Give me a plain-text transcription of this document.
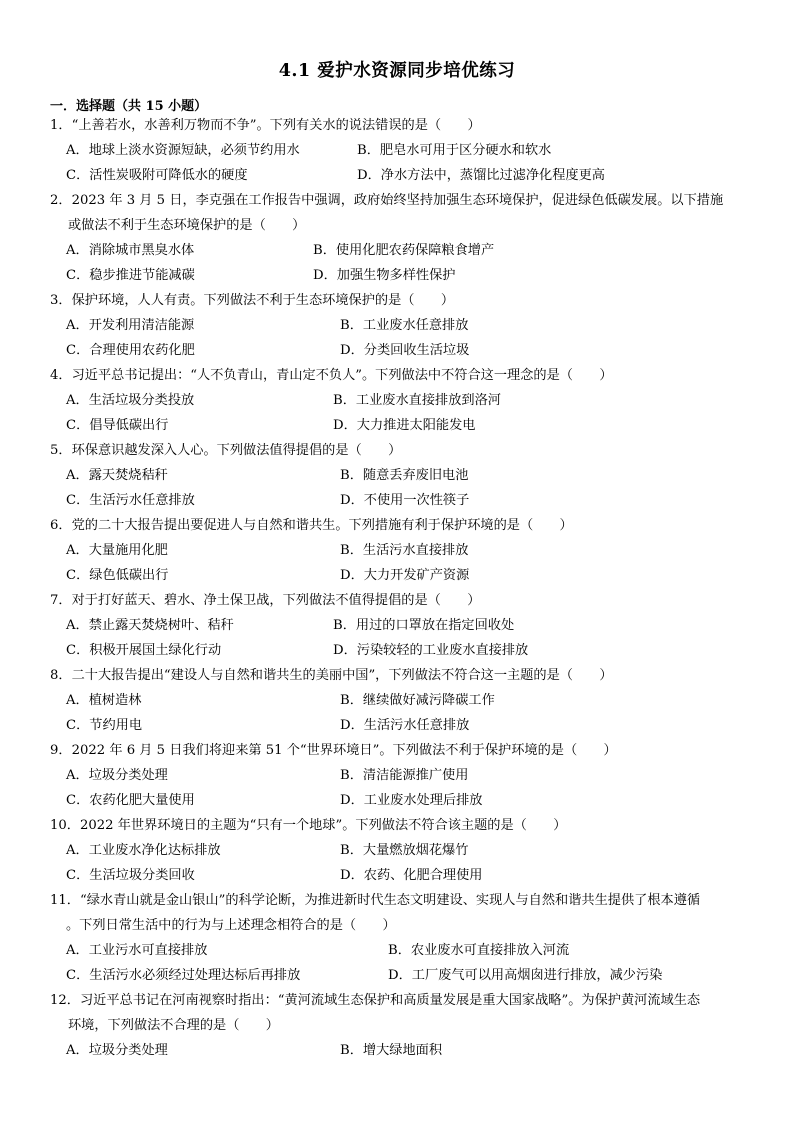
4.1 爱护水资源同步培优练习
一．选择题（共 15 小题）
1．“上善若水，水善利万物而不争”。下列有关水的说法错误的是（　　）
A．地球上淡水资源短缺，必须节约用水	B．肥皂水可用于区分硬水和软水
C．活性炭吸附可降低水的硬度	D．净水方法中，蒸馏比过滤净化程度更高
2．2023 年 3 月 5 日，李克强在工作报告中强调，政府始终坚持加强生态环境保护，促进绿色低碳发展。以下措施
或做法不利于生态环境保护的是（　　）
A．消除城市黑臭水体	B．使用化肥农药保障粮食增产
C．稳步推进节能减碳	D．加强生物多样性保护
3．保护环境，人人有责。下列做法不利于生态环境保护的是（　　）
A．开发利用清洁能源	B．工业废水任意排放
C．合理使用农药化肥	D．分类回收生活垃圾
4．习近平总书记提出：“人不负青山，青山定不负人”。下列做法中不符合这一理念的是（　　）
A．生活垃圾分类投放	B．工业废水直接排放到洛河
C．倡导低碳出行	D．大力推进太阳能发电
5．环保意识越发深入人心。下列做法值得提倡的是（　　）
A．露天焚烧秸秆	B．随意丢弃废旧电池
C．生活污水任意排放	D．不使用一次性筷子
6．党的二十大报告提出要促进人与自然和谐共生。下列措施有利于保护环境的是（　　）
A．大量施用化肥	B．生活污水直接排放
C．绿色低碳出行	D．大力开发矿产资源
7．对于打好蓝天、碧水、净土保卫战，下列做法不值得提倡的是（　　）
A．禁止露天焚烧树叶、秸秆	B．用过的口罩放在指定回收处
C．积极开展国土绿化行动	D．污染较轻的工业废水直接排放
8．二十大报告提出“建设人与自然和谐共生的美丽中国”，下列做法不符合这一主题的是（　　）
A．植树造林	B．继续做好减污降碳工作
C．节约用电	D．生活污水任意排放
9．2022 年 6 月 5 日我们将迎来第 51 个“世界环境日”。下列做法不利于保护环境的是（　　）
A．垃圾分类处理	B．清洁能源推广使用
C．农药化肥大量使用	D．工业废水处理后排放
10．2022 年世界环境日的主题为“只有一个地球”。下列做法不符合该主题的是（　　）
A．工业废水净化达标排放	B．大量燃放烟花爆竹
C．生活垃圾分类回收	D．农药、化肥合理使用
11．“绿水青山就是金山银山”的科学论断，为推进新时代生态文明建设、实现人与自然和谐共生提供了根本遵循
。下列日常生活中的行为与上述理念相符合的是（　　）
A．工业污水可直接排放	B．农业废水可直接排放入河流
C．生活污水必须经过处理达标后再排放	D．工厂废气可以用高烟囱进行排放，减少污染
12．习近平总书记在河南视察时指出：“黄河流域生态保护和高质量发展是重大国家战略”。为保护黄河流域生态
环境，下列做法不合理的是（　　）
A．垃圾分类处理	B．增大绿地面积
